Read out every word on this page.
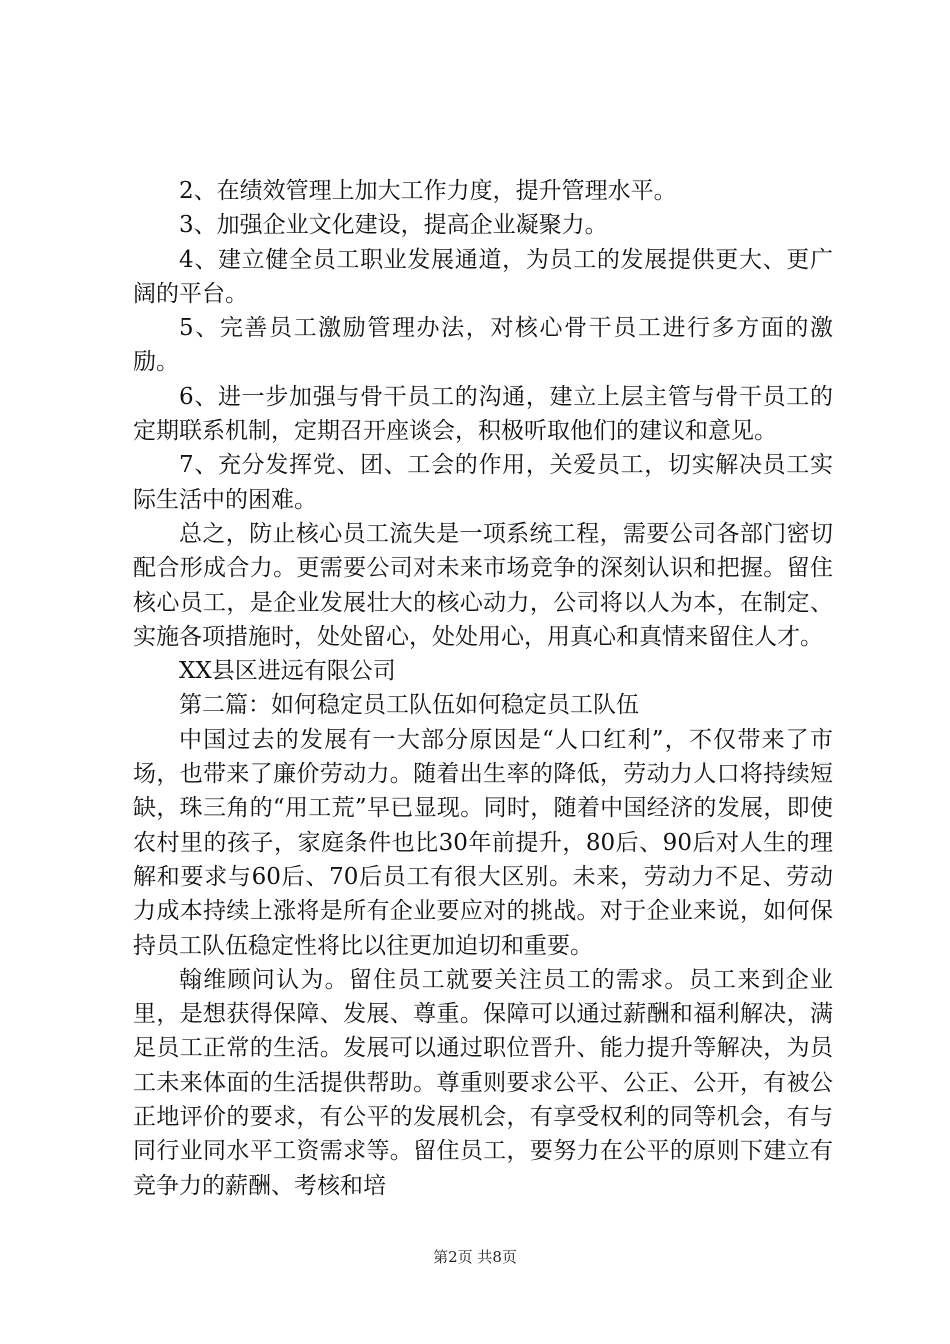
2、在绩效管理上加大工作力度，提升管理水平。

3、加强企业文化建设，提高企业凝聚力。

4、建立健全员工职业发展通道，为员工的发展提供更大、更广阔的平台。

5、完善员工激励管理办法，对核心骨干员工进行多方面的激励。

6、进一步加强与骨干员工的沟通，建立上层主管与骨干员工的定期联系机制，定期召开座谈会，积极听取他们的建议和意见。

7、充分发挥党、团、工会的作用，关爱员工，切实解决员工实际生活中的困难。

总之，防止核心员工流失是一项系统工程，需要公司各部门密切配合形成合力。更需要公司对未来市场竞争的深刻认识和把握。留住核心员工，是企业发展壮大的核心动力，公司将以人为本，在制定、实施各项措施时，处处留心，处处用心，用真心和真情来留住人才。

XX县区进远有限公司

第二篇：如何稳定员工队伍如何稳定员工队伍

中国过去的发展有一大部分原因是“人口红利”，不仅带来了市场，也带来了廉价劳动力。随着出生率的降低，劳动力人口将持续短缺，珠三角的“用工荒”早已显现。同时，随着中国经济的发展，即使农村里的孩子，家庭条件也比30年前提升，80后、90后对人生的理解和要求与60后、70后员工有很大区别。未来，劳动力不足、劳动力成本持续上涨将是所有企业要应对的挑战。对于企业来说，如何保持员工队伍稳定性将比以往更加迫切和重要。

翰维顾问认为。留住员工就要关注员工的需求。员工来到企业里，是想获得保障、发展、尊重。保障可以通过薪酬和福利解决，满足员工正常的生活。发展可以通过职位晋升、能力提升等解决，为员工未来体面的生活提供帮助。尊重则要求公平、公正、公开，有被公正地评价的要求，有公平的发展机会，有享受权利的同等机会，有与同行业同水平工资需求等。留住员工，要努力在公平的原则下建立有竞争力的薪酬、考核和培

第2页 共8页
